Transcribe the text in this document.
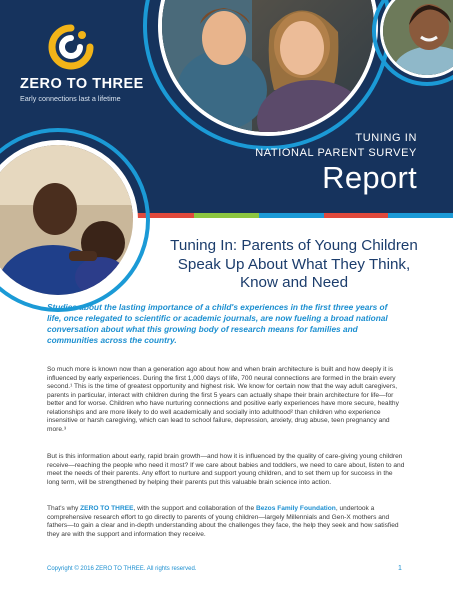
ZERO TO THREE
Early connections last a lifetime
TUNING IN
NATIONAL PARENT SURVEY
Report
Tuning In: Parents of Young Children Speak Up About What They Think, Know and Need
Studies about the lasting importance of a child's experiences in the first three years of life, once relegated to scientific or academic journals, are now fueling a broad national conversation about what this growing body of research means for families and communities across the country.
So much more is known now than a generation ago about how and when brain architecture is built and how deeply it is influenced by early experiences. During the first 1,000 days of life, 700 neural connections are formed in the brain every second.¹ This is the time of greatest opportunity and highest risk. We know for certain now that the way adult caregivers, parents in particular, interact with children during the first 5 years can actually shape their brain architecture for life—for better and for worse. Children who have nurturing connections and positive early experiences have more secure, healthy relationships and are more likely to do well academically and socially into adulthood² than children who experience insensitive or harsh caregiving, which can lead to school failure, depression, anxiety, drug abuse, teen pregnancy and more.³
But is this information about early, rapid brain growth—and how it is influenced by the quality of care-giving young children receive—reaching the people who need it most? If we care about babies and toddlers, we need to care about, listen to and meet the needs of their parents. Any effort to nurture and support young children, and to set them up for success in the long term, will be strengthened by helping their parents put this valuable brain science into action.
That's why ZERO TO THREE, with the support and collaboration of the Bezos Family Foundation, undertook a comprehensive research effort to go directly to parents of young children—largely Millennials and Gen-X mothers and fathers—to gain a clear and in-depth understanding about the challenges they face, the help they seek and how satisfied they are with the support and information they receive.
Copyright © 2016 ZERO TO THREE. All rights reserved.	1
